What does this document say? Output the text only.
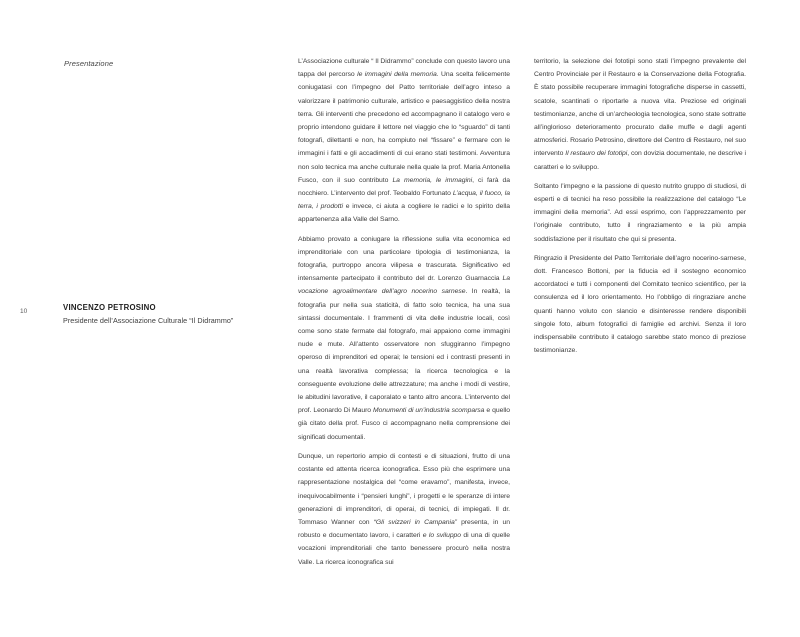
Presentazione
10	VINCENZO PETROSINO
Presidente dell’Associazione Culturale “Il Didrammo”

L’Associazione culturale “ Il Didrammo” conclude con questo lavoro una tappa del percorso le immagini della memoria. Una scelta felicemente coniugatasi con l’impegno del Patto territoriale dell’agro inteso a valorizzare il patrimonio culturale, artistico e paesaggistico della nostra terra. Gli interventi che precedono ed accompagnano il catalogo vero e proprio intendono guidare il lettore nel viaggio che lo “sguardo” di tanti fotografi, dilettanti e non, ha compiuto nel “fissare” e fermare con le immagini i fatti e gli accadimenti di cui erano stati testimoni. Avventura non solo tecnica ma anche culturale nella quale la prof. Maria Antonella Fusco, con il suo contributo La memoria, le immagini, ci farà da nocchiero. L’intervento del prof. Teobaldo Fortunato L’acqua, il fuoco, la terra, i prodotti e invece, ci aiuta a cogliere le radici e lo spirito della appartenenza alla Valle del Sarno.

Abbiamo provato a coniugare la riflessione sulla vita economica ed imprenditoriale con una particolare tipologia di testimonianza, la fotografia, purtroppo ancora vilipesa e trascurata. Significativo ed intensamente partecipato il contributo del dr. Lorenzo Guarnaccia La vocazione agroalimentare dell’agro nocerino sarnese. In realtà, la fotografia pur nella sua staticità, di fatto solo tecnica, ha una sua sintassi documentale. I frammenti di vita delle industrie locali, così come sono state fermate dal fotografo, mai appaiono come immagini nude e mute. All’attento osservatore non sfuggiranno l’impegno operoso di imprenditori ed operai; le tensioni ed i contrasti presenti in una realtà lavorativa complessa; la ricerca tecnologica e la conseguente evoluzione delle attrezzature; ma anche i modi di vestire, le abitudini lavorative, il caporalato e tanto altro ancora. L’intervento del prof. Leonardo Di Mauro Monumenti di un’industria scomparsa e quello già citato della prof. Fusco ci accompagnano nella comprensione dei significati documentali.

Dunque, un repertorio ampio di contesti e di situazioni, frutto di una costante ed attenta ricerca iconografica. Esso più che esprimere una rappresentazione nostalgica del “come eravamo”, manifesta, invece, inequivocabilmente i “pensieri lunghi”, i progetti e le speranze di intere generazioni di imprenditori, di operai, di tecnici, di impiegati. Il dr. Tommaso Wanner con “Gli svizzeri in Campania” presenta, in un robusto e documentato lavoro, i caratteri e lo sviluppo di una di quelle vocazioni imprenditoriali che tanto benessere procurò nella nostra Valle. La ricerca iconografica sui

territorio, la selezione dei fototipi sono stati l’impegno prevalente del Centro Provinciale per il Restauro e la Conservazione della Fotografia. È stato possibile recuperare immagini fotografiche disperse in cassetti, scatole, scantinati o riportarle a nuova vita. Preziose ed originali testimonianze, anche di un’archeologia tecnologica, sono state sottratte all’inglorioso deterioramento procurato dalle muffe e dagli agenti atmosferici. Rosario Petrosino, direttore del Centro di Restauro, nel suo intervento Il restauro dei fototipi, con dovizia documentale, ne descrive i caratteri e lo sviluppo.

Soltanto l’impegno e la passione di questo nutrito gruppo di studiosi, di esperti e di tecnici ha reso possibile la realizzazione del catalogo “Le immagini della memoria”. Ad essi esprimo, con l’apprezzamento per l’originale contributo, tutto il ringraziamento e la più ampia soddisfazione per il risultato che qui si presenta.

Ringrazio il Presidente del Patto Territoriale dell’agro nocerino-sarnese, dott. Francesco Bottoni, per la fiducia ed il sostegno economico accordatoci e tutti i componenti del Comitato tecnico scientifico, per la consulenza ed il loro orientamento. Ho l’obbligo di ringraziare anche quanti hanno voluto con slancio e disinteresse rendere disponibili singole foto, album fotografici di famiglie ed archivi. Senza il loro indispensabile contributo il catalogo sarebbe stato monco di preziose testimonianze.
